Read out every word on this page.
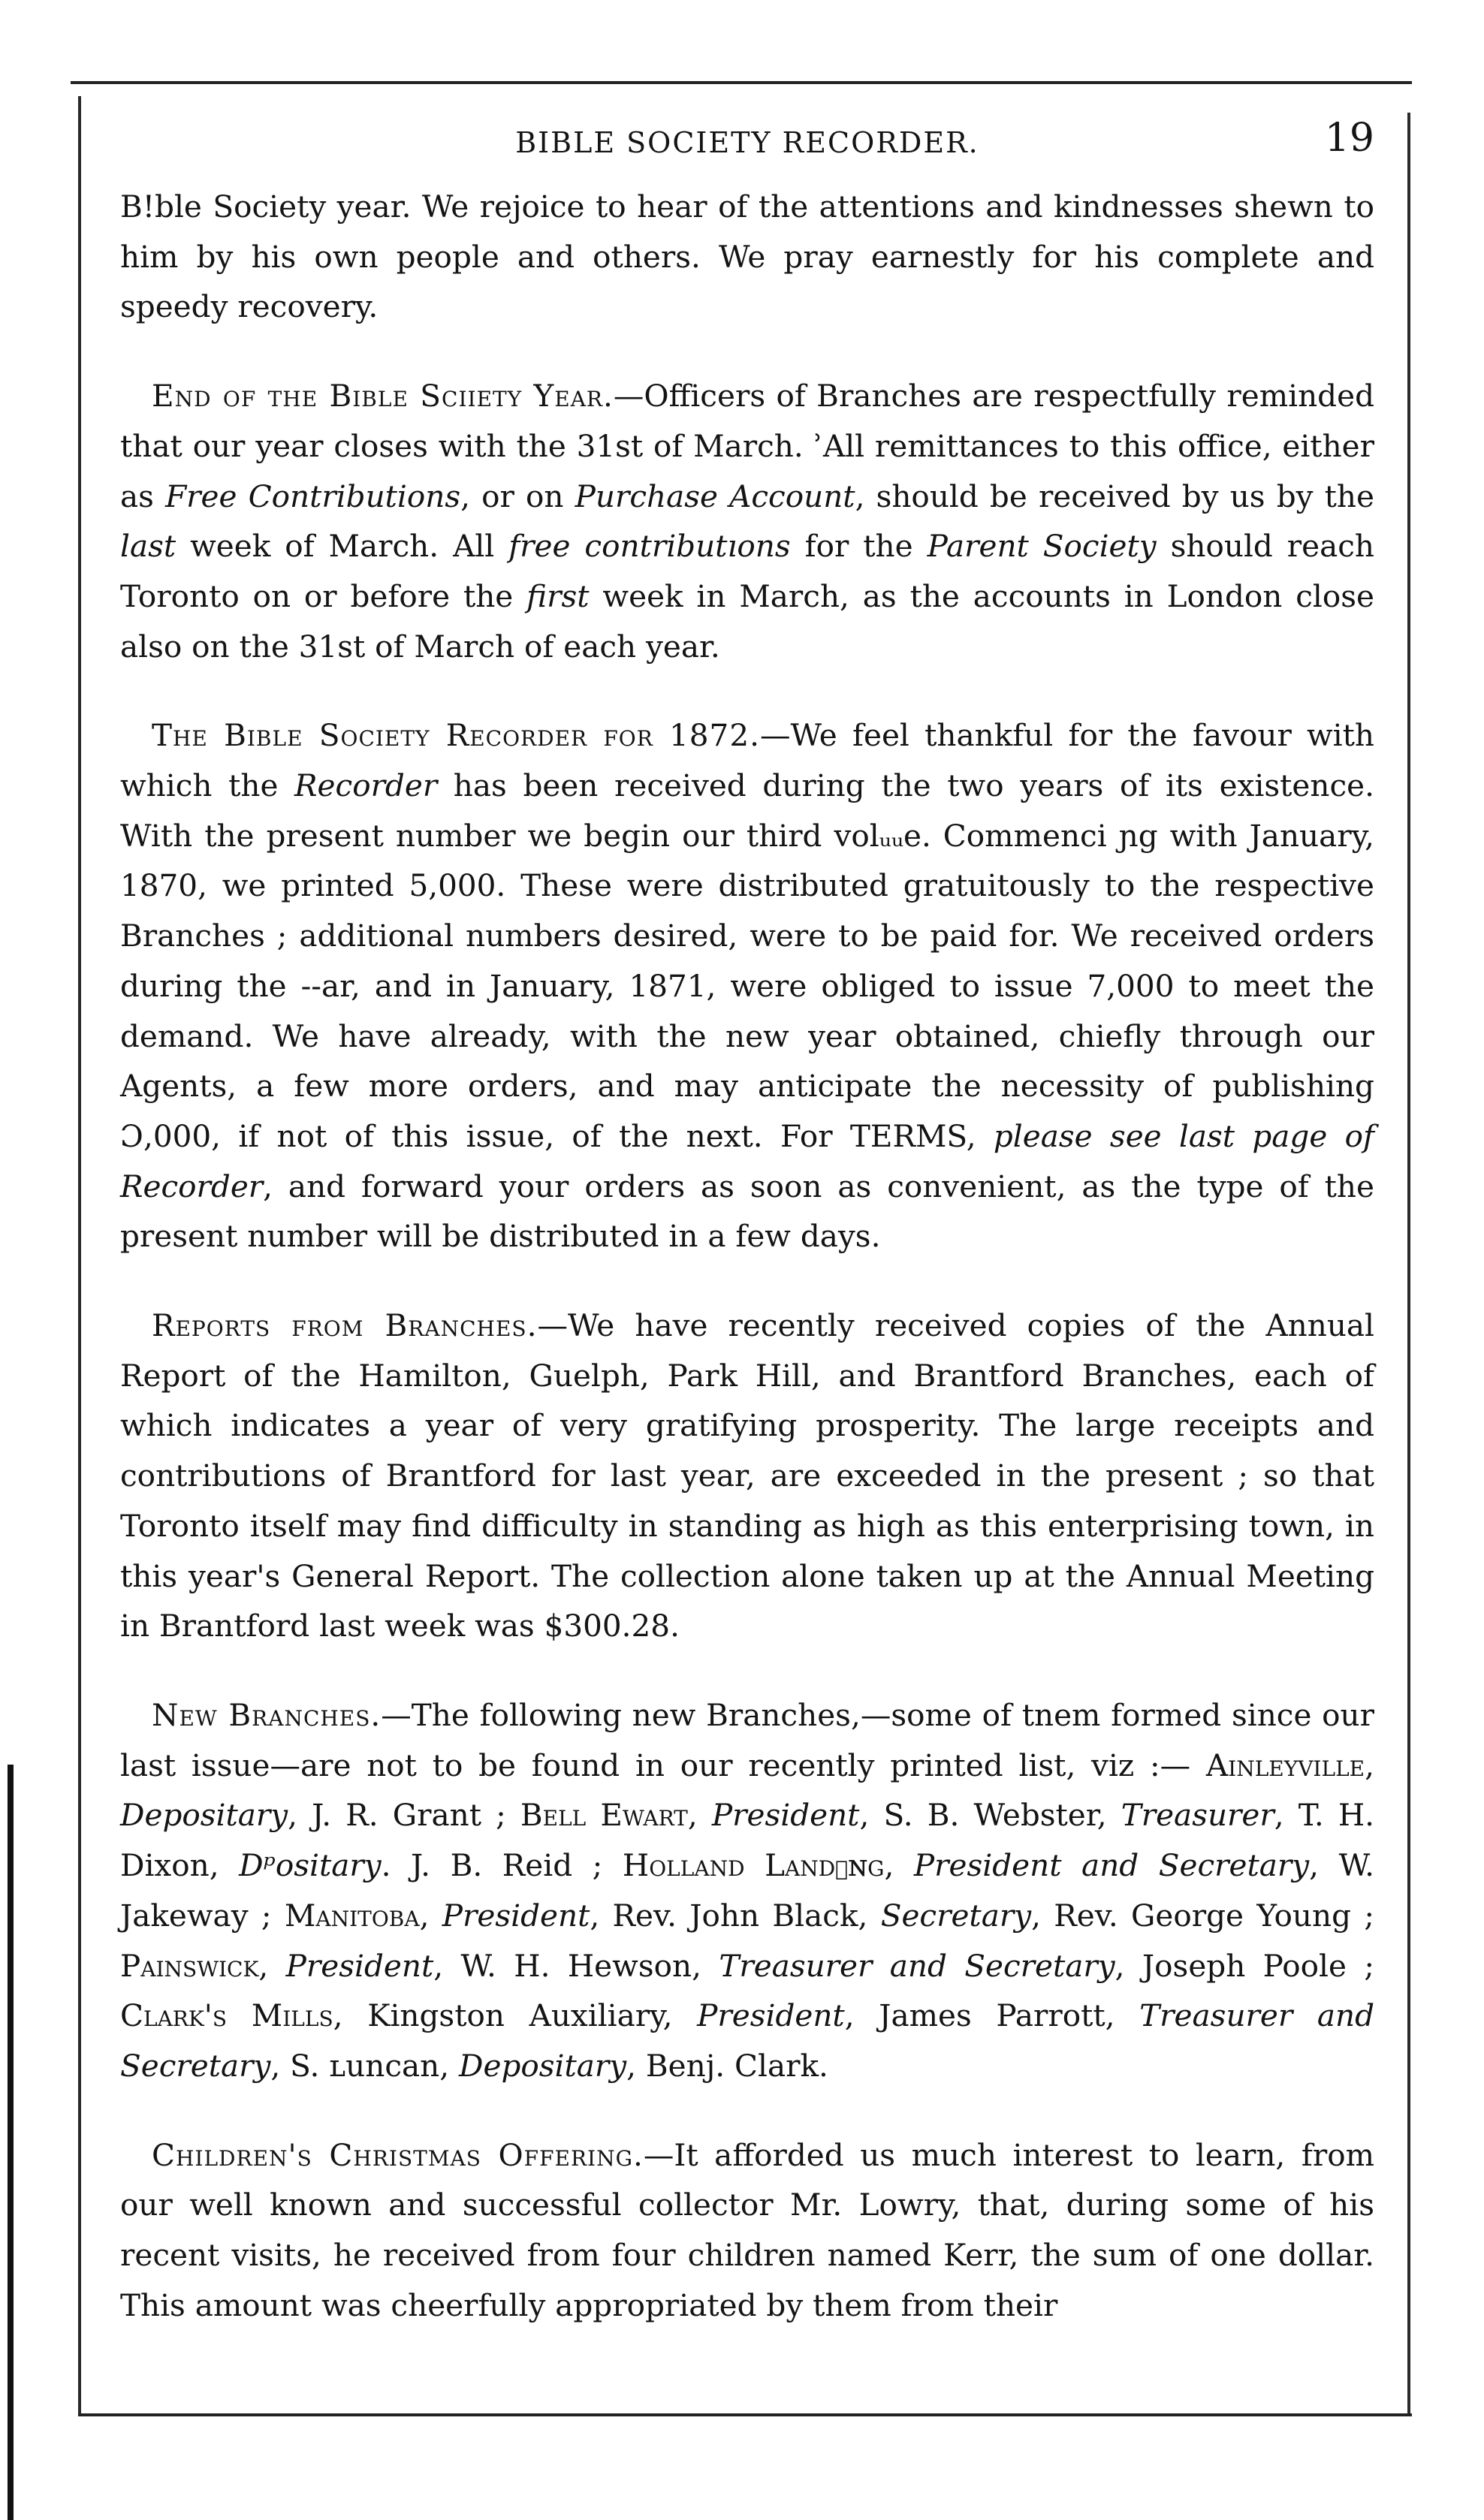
BIBLE SOCIETY RECORDER.	19

B!ble Society year. We rejoice to hear of the attentions and kindnesses shewn to him by his own people and others. We pray earnestly for his complete and speedy recovery.

End of the Bible Scıiety Year.—Officers of Branches are respectfully reminded that our year closes with the 31st of March. ʾAll remittances to this office, either as Free Contributions, or on Purchase Account, should be received by us by the last week of March. All free contributıons for the Parent Society should reach Toronto on or before the first week in March, as the accounts in London close also on the 31st of March of each year.

The Bible Society Recorder for 1872.—We feel thankful for the favour with which the Recorder has been received during the two years of its existence. With the present number we begin our third volᵤᵤe. Commenci ɲg with January, 1870, we printed 5,000. These were distributed gratuitously to the respective Branches ; additional numbers desired, were to be paid for. We received orders during the ‐‐ar, and in January, 1871, were obliged to issue 7,000 to meet the demand. We have already, with the new year obtained, chiefly through our Agents, a few more orders, and may anticipate the necessity of publishing Ɔ,000, if not of this issue, of the next. For TERMS, please see last page of Recorder, and forward your orders as soon as convenient, as the type of the present number will be distributed in a few days.

Reports from Branches.—We have recently received copies of the Annual Report of the Hamilton, Guelph, Park Hill, and Brantford Branches, each of which indicates a year of very gratifying prosperity. The large receipts and contributions of Brantford for last year, are exceeded in the present ; so that Toronto itself may find difficulty in standing as high as this enterprising town, in this year's General Report. The collection alone taken up at the Annual Meeting in Brantford last week was $300.28.

New Branches.—The following new Branches,—some of tnem formed since our last issue—are not to be found in our recently printed list, viz :— Ainleyville, Depositary, J. R. Grant ; Bell Ewart, President, S. B. Webster, Treasurer, T. H. Dixon, Dᵖositary. J. B. Reid ; Holland Landɪɴg, President and Secretary, W. Jakeway ; Manitoba, President, Rev. John Black, Secretary, Rev. George Young ; Painswick, President, W. H. Hewson, Treasurer and Secretary, Joseph Poole ; Clark's Mills, Kingston Auxiliary, President, James Parrott, Treasurer and Secretary, S. ʟuncan, Depositary, Benj. Clark.

Children's Christmas Offering.—It afforded us much interest to learn, from our well known and successful collector Mr. Lowry, that, during some of his recent visits, he received from four children named Kerr, the sum of one dollar. This amount was cheerfully appropriated by them from their
